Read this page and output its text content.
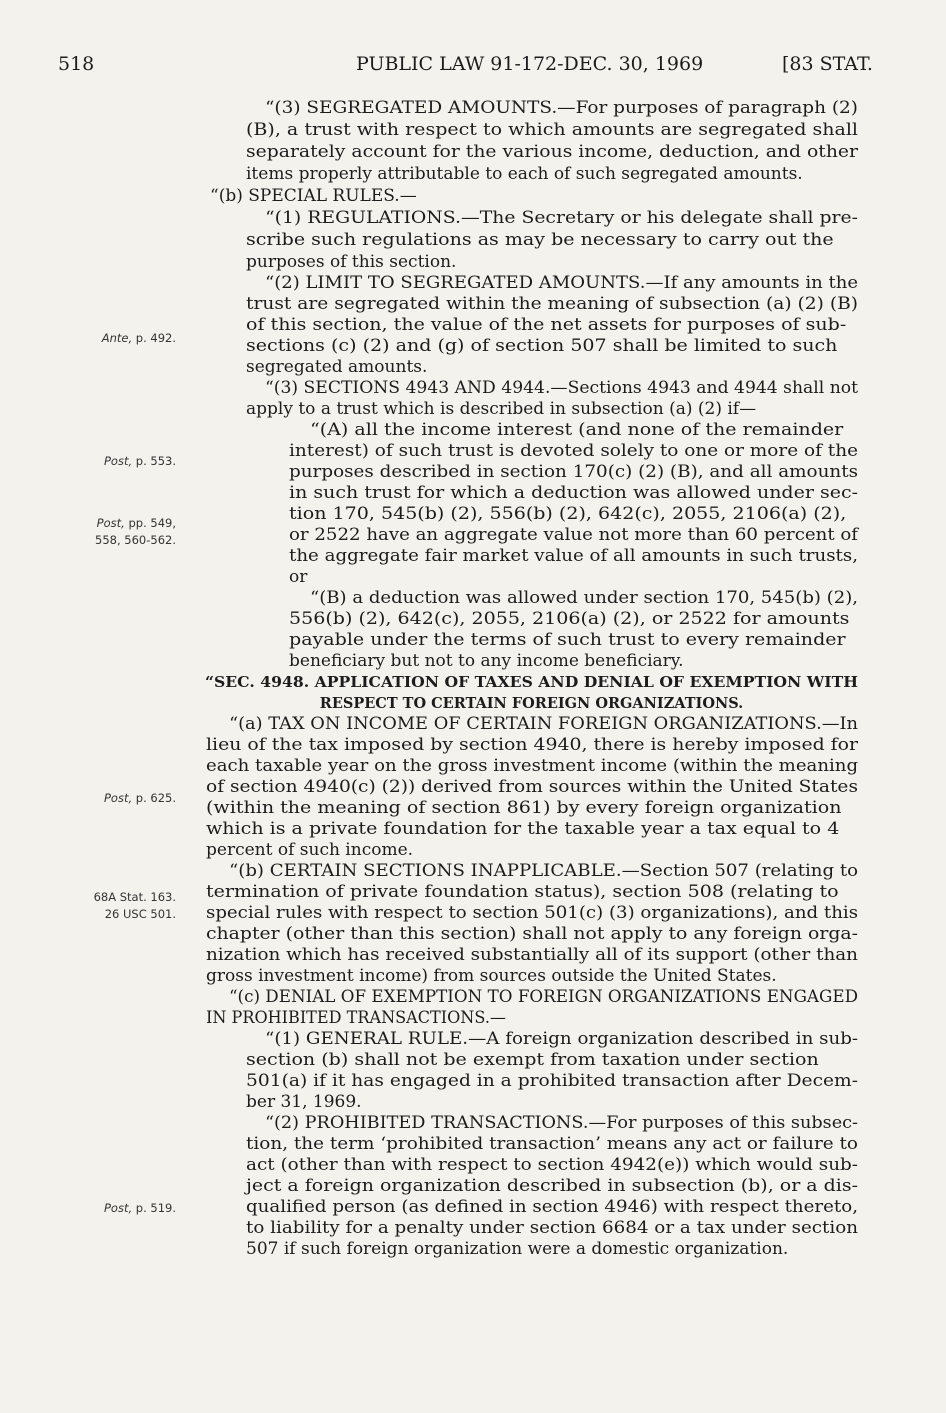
518	PUBLIC LAW 91-172-DEC. 30, 1969	[83 STAT.
Ante, p. 492.
Post, p. 553.
Post, pp. 549,
558, 560-562.
Post, p. 625.
68A Stat. 163.
26 USC 501.
Post, p. 519.
“(3) SEGREGATED AMOUNTS.—For purposes of paragraph (2)
(B), a trust with respect to which amounts are segregated shall
separately account for the various income, deduction, and other
items properly attributable to each of such segregated amounts.
“(b) SPECIAL RULES.—
“(1) REGULATIONS.—The Secretary or his delegate shall pre-
scribe such regulations as may be necessary to carry out the
purposes of this section.
“(2) LIMIT TO SEGREGATED AMOUNTS.—If any amounts in the
trust are segregated within the meaning of subsection (a) (2) (B)
of this section, the value of the net assets for purposes of sub-
sections (c) (2) and (g) of section 507 shall be limited to such
segregated amounts.
“(3) SECTIONS 4943 AND 4944.—Sections 4943 and 4944 shall not
apply to a trust which is described in subsection (a) (2) if—
“(A) all the income interest (and none of the remainder
interest) of such trust is devoted solely to one or more of the
purposes described in section 170(c) (2) (B), and all amounts
in such trust for which a deduction was allowed under sec-
tion 170, 545(b) (2), 556(b) (2), 642(c), 2055, 2106(a) (2),
or 2522 have an aggregate value not more than 60 percent of
the aggregate fair market value of all amounts in such trusts,
or
“(B) a deduction was allowed under section 170, 545(b) (2),
556(b) (2), 642(c), 2055, 2106(a) (2), or 2522 for amounts
payable under the terms of such trust to every remainder
beneficiary but not to any income beneficiary.
“SEC. 4948. APPLICATION OF TAXES AND DENIAL OF EXEMPTION WITH
RESPECT TO CERTAIN FOREIGN ORGANIZATIONS.
“(a) TAX ON INCOME OF CERTAIN FOREIGN ORGANIZATIONS.—In
lieu of the tax imposed by section 4940, there is hereby imposed for
each taxable year on the gross investment income (within the meaning
of section 4940(c) (2)) derived from sources within the United States
(within the meaning of section 861) by every foreign organization
which is a private foundation for the taxable year a tax equal to 4
percent of such income.
“(b) CERTAIN SECTIONS INAPPLICABLE.—Section 507 (relating to
termination of private foundation status), section 508 (relating to
special rules with respect to section 501(c) (3) organizations), and this
chapter (other than this section) shall not apply to any foreign orga-
nization which has received substantially all of its support (other than
gross investment income) from sources outside the United States.
“(c) DENIAL OF EXEMPTION TO FOREIGN ORGANIZATIONS ENGAGED
IN PROHIBITED TRANSACTIONS.—
“(1) GENERAL RULE.—A foreign organization described in sub-
section (b) shall not be exempt from taxation under section
501(a) if it has engaged in a prohibited transaction after Decem-
ber 31, 1969.
“(2) PROHIBITED TRANSACTIONS.—For purposes of this subsec-
tion, the term ‘prohibited transaction’ means any act or failure to
act (other than with respect to section 4942(e)) which would sub-
ject a foreign organization described in subsection (b), or a dis-
qualified person (as defined in section 4946) with respect thereto,
to liability for a penalty under section 6684 or a tax under section
507 if such foreign organization were a domestic organization.
